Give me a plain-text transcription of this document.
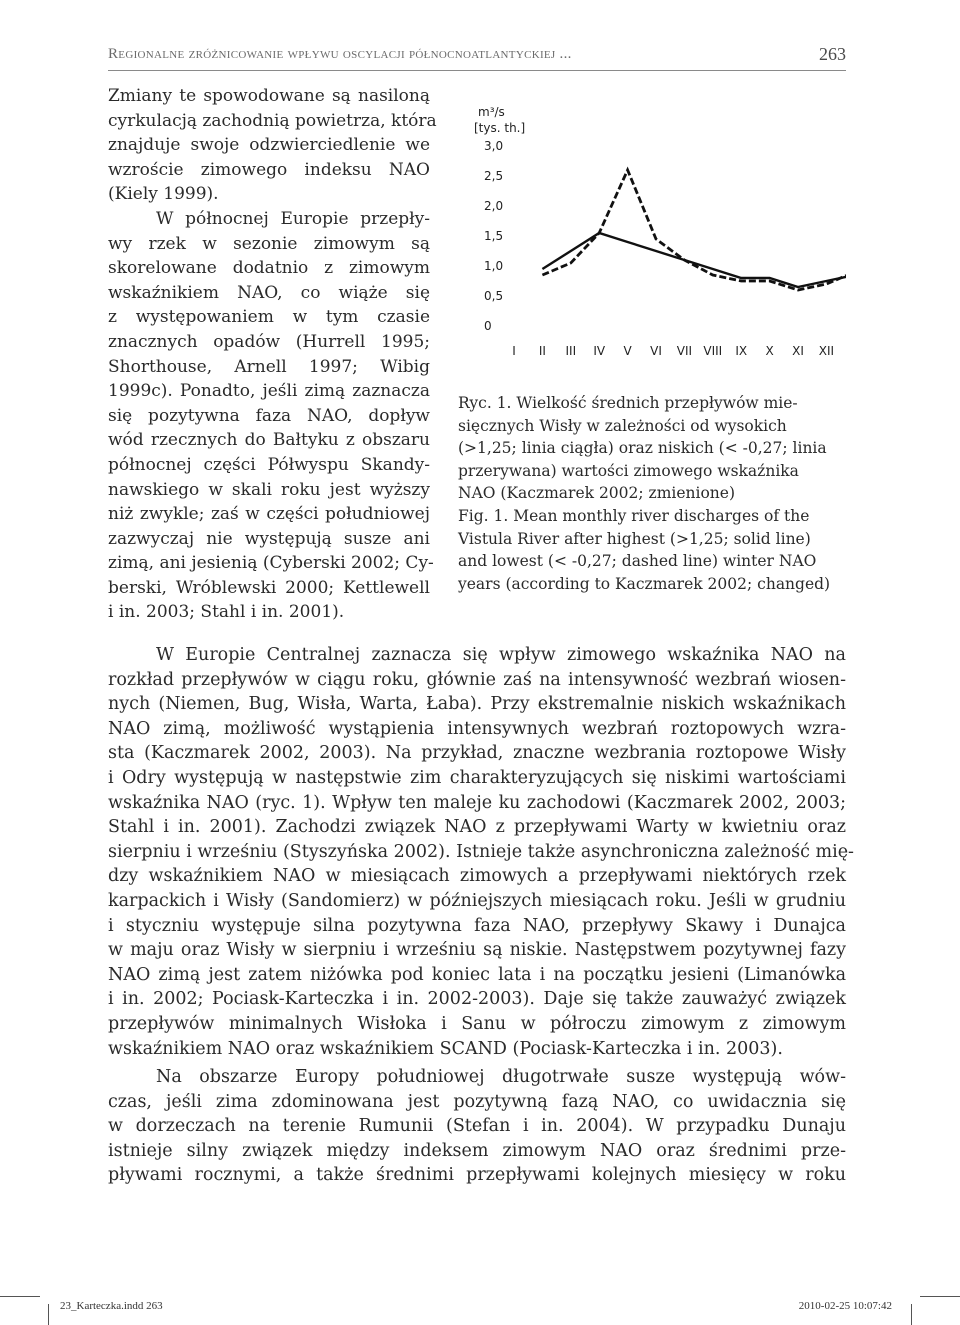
Regionalne zróżnicowanie wpływu oscylacji północnoatlantyckiej ...	263
Zmiany te spowodowane są nasiloną
cyrkulacją zachodnią powietrza, która
znajduje swoje odzwierciedlenie we
wzroście zimowego indeksu NAO
(Kiely 1999).
W północnej Europie przepły-
wy rzek w sezonie zimowym są
skorelowane dodatnio z zimowym
wskaźnikiem NAO, co wiąże się
z występowaniem w tym czasie
znacznych opadów (Hurrell 1995;
Shorthouse, Arnell 1997; Wibig
1999c). Ponadto, jeśli zimą zaznacza
się pozytywna faza NAO, dopływ
wód rzecznych do Bałtyku z obszaru
północnej części Półwyspu Skandy-
nawskiego w skali roku jest wyższy
niż zwykle; zaś w części południowej
zazwyczaj nie występują susze ani
zimą, ani jesienią (Cyberski 2002; Cy-
berski, Wróblewski 2000; Kettlewell
i in. 2003; Stahl i in. 2001).
m³/s
[tys. th.]
3,0
2,5
2,0
1,5
1,0
0,5
0
I II III IV V VI VII VIII IX X XI XII
Ryc. 1. Wielkość średnich przepływów mie-
sięcznych Wisły w zależności od wysokich
(>1,25; linia ciągła) oraz niskich (< -0,27; linia
przerywana) wartości zimowego wskaźnika
NAO (Kaczmarek 2002; zmienione)
Fig. 1. Mean monthly river discharges of the
Vistula River after highest (>1,25; solid line)
and lowest (< -0,27; dashed line) winter NAO
years (according to Kaczmarek 2002; changed)
W Europie Centralnej zaznacza się wpływ zimowego wskaźnika NAO na
rozkład przepływów w ciągu roku, głównie zaś na intensywność wezbrań wiosen-
nych (Niemen, Bug, Wisła, Warta, Łaba). Przy ekstremalnie niskich wskaźnikach
NAO zimą, możliwość wystąpienia intensywnych wezbrań roztopowych wzra-
sta (Kaczmarek 2002, 2003). Na przykład, znaczne wezbrania roztopowe Wisły
i Odry występują w następstwie zim charakteryzujących się niskimi wartościami
wskaźnika NAO (ryc. 1). Wpływ ten maleje ku zachodowi (Kaczmarek 2002, 2003;
Stahl i in. 2001). Zachodzi związek NAO z przepływami Warty w kwietniu oraz
sierpniu i wrześniu (Styszyńska 2002). Istnieje także asynchroniczna zależność mię-
dzy wskaźnikiem NAO w miesiącach zimowych a przepływami niektórych rzek
karpackich i Wisły (Sandomierz) w późniejszych miesiącach roku. Jeśli w grudniu
i styczniu występuje silna pozytywna faza NAO, przepływy Skawy i Dunajca
w maju oraz Wisły w sierpniu i wrześniu są niskie. Następstwem pozytywnej fazy
NAO zimą jest zatem niżówka pod koniec lata i na początku jesieni (Limanówka
i in. 2002; Pociask-Karteczka i in. 2002-2003). Daje się także zauważyć związek
przepływów minimalnych Wisłoka i Sanu w półroczu zimowym z zimowym
wskaźnikiem NAO oraz wskaźnikiem SCAND (Pociask-Karteczka i in. 2003).
Na obszarze Europy południowej długotrwałe susze występują wów-
czas, jeśli zima zdominowana jest pozytywną fazą NAO, co uwidacznia się
w dorzeczach na terenie Rumunii (Stefan i in. 2004). W przypadku Dunaju
istnieje silny związek między indeksem zimowym NAO oraz średnimi prze-
pływami rocznymi, a także średnimi przepływami kolejnych miesięcy w roku
23_Karteczka.indd 263	2010-02-25 10:07:42
